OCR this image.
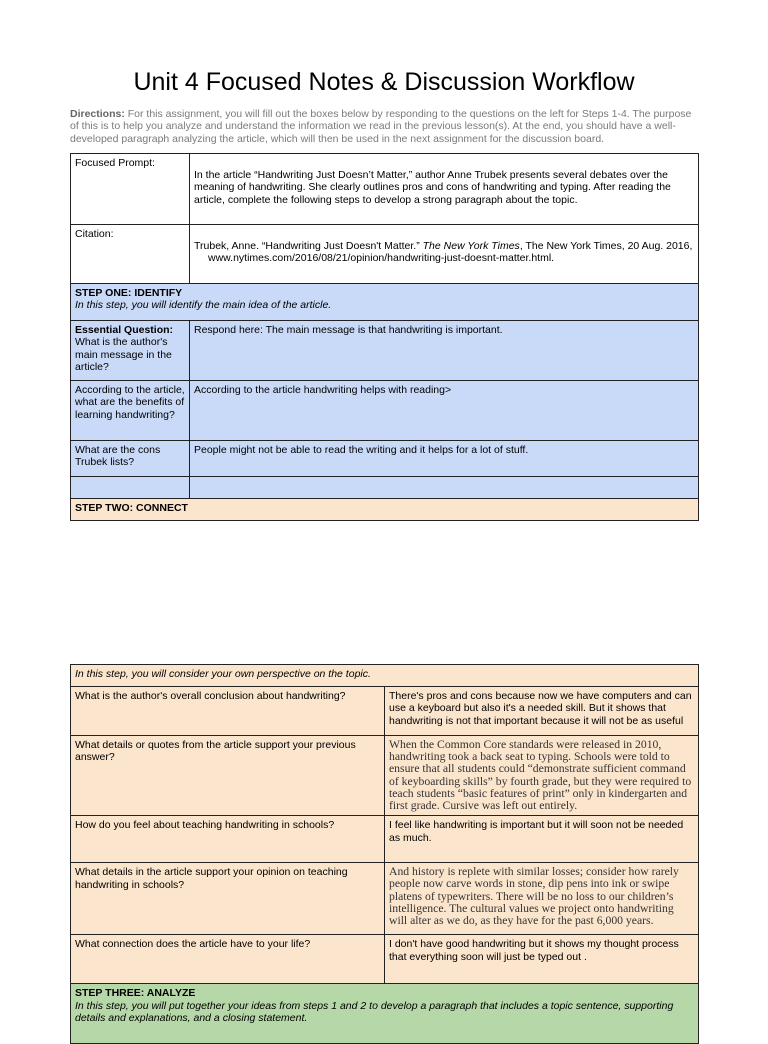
Unit 4 Focused Notes & Discussion Workflow
Directions: For this assignment, you will fill out the boxes below by responding to the questions on the left for Steps 1-4. The purpose of this is to help you analyze and understand the information we read in the previous lesson(s). At the end, you should have a well-developed paragraph analyzing the article, which will then be used in the next assignment for the discussion board.
Focused Prompt:	In the article “Handwriting Just Doesn’t Matter,” author Anne Trubek presents several debates over the meaning of handwriting. She clearly outlines pros and cons of handwriting and typing. After reading the article, complete the following steps to develop a strong paragraph about the topic.
Citation:	Trubek, Anne. “Handwriting Just Doesn't Matter.” The New York Times, The New York Times, 20 Aug. 2016, www.nytimes.com/2016/08/21/opinion/handwriting-just-doesnt-matter.html.

STEP ONE: IDENTIFY
In this step, you will identify the main idea of the article.	

Essential Question: What is the author's main message in the article?	Respond here: The main message is that handwriting is important.
According to the article, what are the benefits of learning handwriting?	According to the article handwriting helps with reading>
What are the cons Trubek lists?	People might not be able to read the writing and it helps for a lot of stuff.

STEP TWO: CONNECT	
In this step, you will consider your own perspective on the topic.	
What is the author's overall conclusion about handwriting?	There's pros and cons because now we have computers and can use a keyboard but also it's a needed skill. But it shows that handwriting is not that important because it will not be as useful
What details or quotes from the article support your previous answer?	When the Common Core standards were released in 2010, handwriting took a back seat to typing. Schools were told to ensure that all students could “demonstrate sufficient command of keyboarding skills” by fourth grade, but they were required to teach students “basic features of print” only in kindergarten and first grade. Cursive was left out entirely.
How do you feel about teaching handwriting in schools?	I feel like handwriting is important but it will soon not be needed as much.
What details in the article support your opinion on teaching handwriting in schools?	And history is replete with similar losses; consider how rarely people now carve words in stone, dip pens into ink or swipe platens of typewriters. There will be no loss to our children’s intelligence. The cultural values we project onto handwriting will alter as we do, as they have for the past 6,000 years.
What connection does the article have to your life?	I don't have good handwriting but it shows my thought process that everything soon will just be typed out .

STEP THREE: ANALYZE
In this step, you will put together your ideas from steps 1 and 2 to develop a paragraph that includes a topic sentence, supporting details and explanations, and a closing statement.	
